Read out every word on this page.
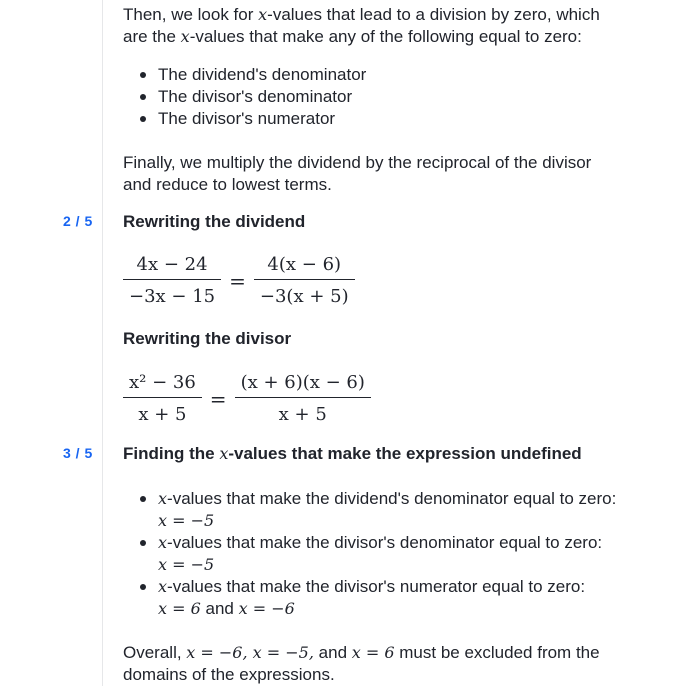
Then, we look for x-values that lead to a division by zero, which

are the x-values that make any of the following equal to zero:

The dividend's denominator
The divisor's denominator
The divisor's numerator

Finally, we multiply the dividend by the reciprocal of the divisor

and reduce to lowest terms.

2 / 5 Rewriting the dividend
$\frac{4x - 24}{-3x - 15} = \frac{4(x - 6)}{-3(x + 5)}$
Rewriting the divisor
$\frac{\text{x² − 36}}{x + 5} = \frac{(x + 6)(x - 6)}{x + 5}$
3 / 5 Finding the x-values that make the expression undefined
x-values that make the dividend's denominator equal to zero:
x = −5
x-values that make the divisor's denominator equal to zero:
x = −5
x-values that make the divisor's numerator equal to zero:
x = 6 and x = −6

Overall, x = −6, x = −5, and x = 6 must be excluded from the

domains of the expressions.
